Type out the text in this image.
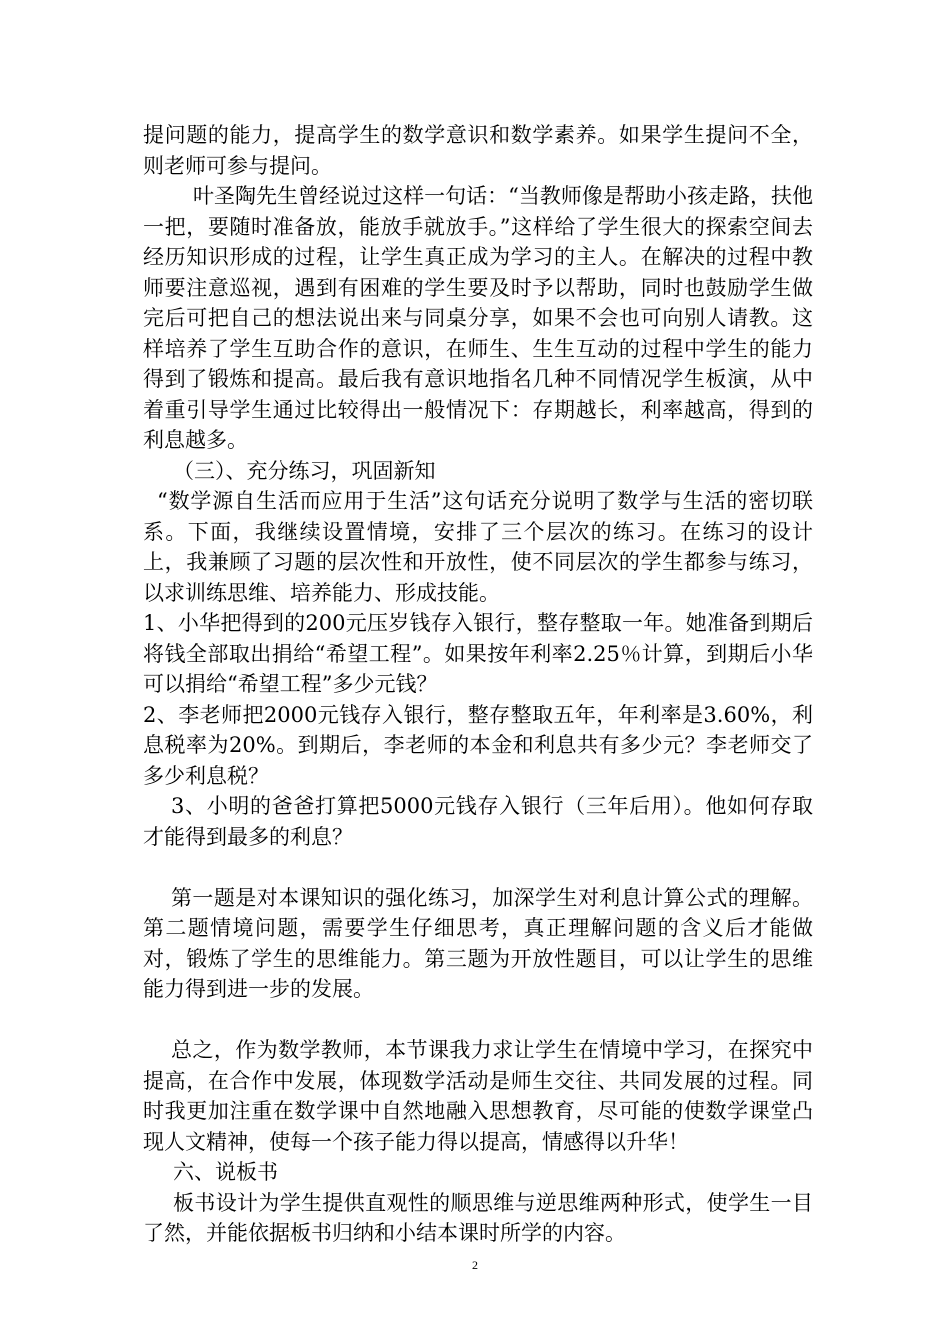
提问题的能力，提高学生的数学意识和数学素养。如果学生提问不全，则老师可参与提问。

叶圣陶先生曾经说过这样一句话：“当教师像是帮助小孩走路，扶他一把，要随时准备放，能放手就放手。”这样给了学生很大的探索空间去经历知识形成的过程，让学生真正成为学习的主人。在解决的过程中教师要注意巡视，遇到有困难的学生要及时予以帮助，同时也鼓励学生做完后可把自己的想法说出来与同桌分享，如果不会也可向别人请教。这样培养了学生互助合作的意识，在师生、生生互动的过程中学生的能力得到了锻炼和提高。最后我有意识地指名几种不同情况学生板演，从中着重引导学生通过比较得出一般情况下：存期越长，利率越高，得到的利息越多。

（三）、充分练习，巩固新知

“数学源自生活而应用于生活”这句话充分说明了数学与生活的密切联系。下面，我继续设置情境，安排了三个层次的练习。在练习的设计上，我兼顾了习题的层次性和开放性，使不同层次的学生都参与练习，以求训练思维、培养能力、形成技能。

1、小华把得到的200元压岁钱存入银行，整存整取一年。她准备到期后将钱全部取出捐给“希望工程”。如果按年利率2.25％计算，到期后小华可以捐给“希望工程”多少元钱？

2、李老师把2000元钱存入银行，整存整取五年，年利率是3.60%，利息税率为20%。到期后，李老师的本金和利息共有多少元？李老师交了多少利息税？

3、小明的爸爸打算把5000元钱存入银行（三年后用）。他如何存取才能得到最多的利息？

第一题是对本课知识的强化练习，加深学生对利息计算公式的理解。第二题情境问题，需要学生仔细思考，真正理解问题的含义后才能做对，锻炼了学生的思维能力。第三题为开放性题目，可以让学生的思维能力得到进一步的发展。

总之，作为数学教师，本节课我力求让学生在情境中学习，在探究中提高，在合作中发展，体现数学活动是师生交往、共同发展的过程。同时我更加注重在数学课中自然地融入思想教育，尽可能的使数学课堂凸现人文精神，使每一个孩子能力得以提高，情感得以升华！

六、说板书

板书设计为学生提供直观性的顺思维与逆思维两种形式，使学生一目了然，并能依据板书归纳和小结本课时所学的内容。

2
